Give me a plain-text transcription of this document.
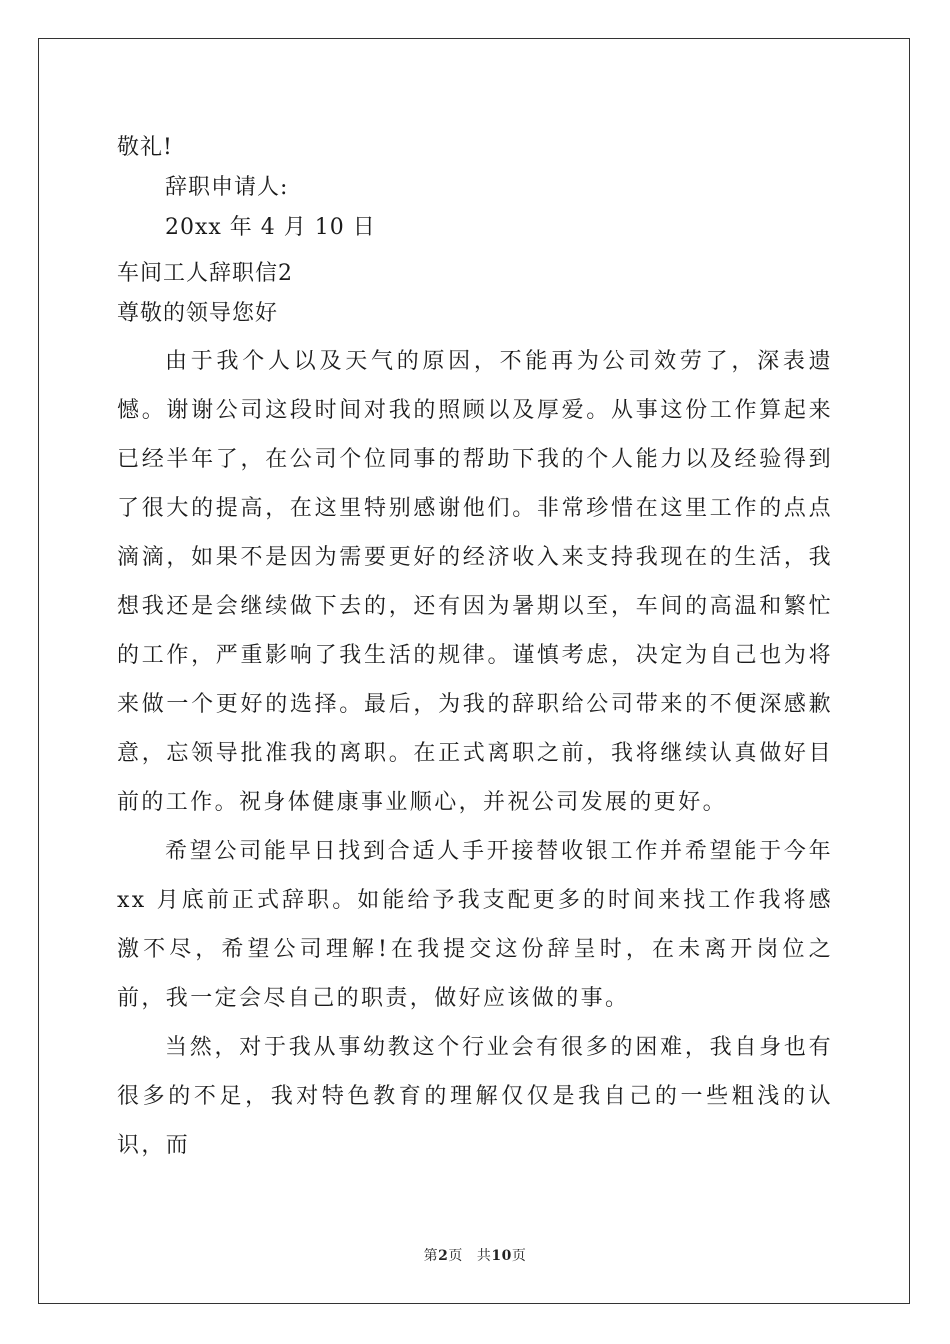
敬礼!

辞职申请人:

20xx 年 4 月 10 日

车间工人辞职信2

尊敬的领导您好

由于我个人以及天气的原因，不能再为公司效劳了，深表遗憾。谢谢公司这段时间对我的照顾以及厚爱。从事这份工作算起来已经半年了，在公司个位同事的帮助下我的个人能力以及经验得到了很大的提高，在这里特别感谢他们。非常珍惜在这里工作的点点滴滴，如果不是因为需要更好的经济收入来支持我现在的生活，我想我还是会继续做下去的，还有因为暑期以至，车间的高温和繁忙的工作，严重影响了我生活的规律。谨慎考虑，决定为自己也为将来做一个更好的选择。最后，为我的辞职给公司带来的不便深感歉意，忘领导批准我的离职。在正式离职之前，我将继续认真做好目前的工作。祝身体健康事业顺心，并祝公司发展的更好。

希望公司能早日找到合适人手开接替收银工作并希望能于今年 xx 月底前正式辞职。如能给予我支配更多的时间来找工作我将感激不尽，希望公司理解!在我提交这份辞呈时，在未离开岗位之前，我一定会尽自己的职责，做好应该做的事。

当然，对于我从事幼教这个行业会有很多的困难，我自身也有很多的不足，我对特色教育的理解仅仅是我自己的一些粗浅的认识，而

第2页 共10页
